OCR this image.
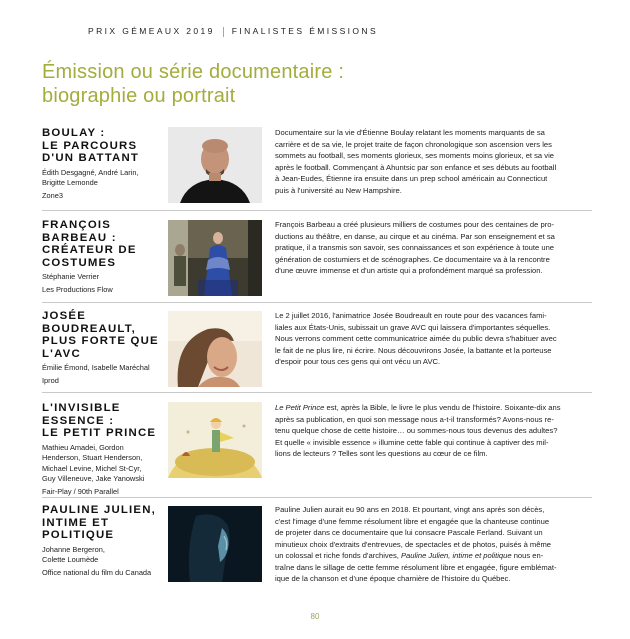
PRIX GÉMEAUX 2019 FINALISTES ÉMISSIONS
Émission ou série documentaire :
biographie ou portrait
BOULAY :
LE PARCOURS
D'UN BATTANT
Édith Desgagné, André Larin,
Brigitte Lemonde
Zone3
Documentaire sur la vie d'Étienne Boulay relatant les moments marquants de sa
carrière et de sa vie, le projet traite de façon chronologique son ascension vers les
sommets au football, ses moments glorieux, ses moments moins glorieux, et sa vie
après le football. Commençant à Ahuntsic par son enfance et ses débuts au football
à Jean-Eudes, Étienne ira ensuite dans un prep school américain au Connecticut
puis à l'université au New Hampshire.
FRANÇOIS BARBEAU :
CRÉATEUR DE
COSTUMES
Stéphanie Verrier
Les Productions Flow
François Barbeau a créé plusieurs milliers de costumes pour des centaines de pro-
ductions au théâtre, en danse, au cirque et au cinéma. Par son enseignement et sa
pratique, il a transmis son savoir, ses connaissances et son expérience à toute une
génération de costumiers et de scénographes. Ce documentaire va à la rencontre
d'une œuvre immense et d'un artiste qui a profondément marqué sa profession.
JOSÉE BOUDREAULT,
PLUS FORTE QUE
L'AVC
Émilie Émond, Isabelle Maréchal
Iprod
Le 2 juillet 2016, l'animatrice Josée Boudreault en route pour des vacances fami-
liales aux États-Unis, subissait un grave AVC qui laissera d'importantes séquelles.
Nous verrons comment cette communicatrice aimée du public devra s'habituer avec
le fait de ne plus lire, ni écrire. Nous découvrirons Josée, la battante et la porteuse
d'espoir pour tous ces gens qui ont vécu un AVC.
L'INVISIBLE
ESSENCE :
LE PETIT PRINCE
Mathieu Amadei, Gordon
Henderson, Stuart Henderson,
Michael Levine, Michel St-Cyr,
Guy Villeneuve, Jake Yanowski
Fair-Play / 90th Parallel
Le Petit Prince est, après la Bible, le livre le plus vendu de l'histoire. Soixante-dix ans
après sa publication, en quoi son message nous a-t-il transformés? Avons-nous re-
tenu quelque chose de cette histoire… ou sommes-nous tous devenus des adultes?
Et quelle « invisible essence » illumine cette fable qui continue à captiver des mil-
lions de lecteurs ? Telles sont les questions au cœur de ce film.
PAULINE JULIEN,
INTIME ET
POLITIQUE
Johanne Bergeron,
Colette Loumède
Office national du film du Canada
Pauline Julien aurait eu 90 ans en 2018. Et pourtant, vingt ans après son décès,
c'est l'image d'une femme résolument libre et engagée que la chanteuse continue
de projeter dans ce documentaire que lui consacre Pascale Ferland. Suivant un
minutieux choix d'extraits d'entrevues, de spectacles et de photos, puisés à même
un colossal et riche fonds d'archives, Pauline Julien, intime et politique nous en-
traîne dans le sillage de cette femme résolument libre et engagée, figure emblémat-
ique de la chanson et d'une époque charnière de l'histoire du Québec.
80
